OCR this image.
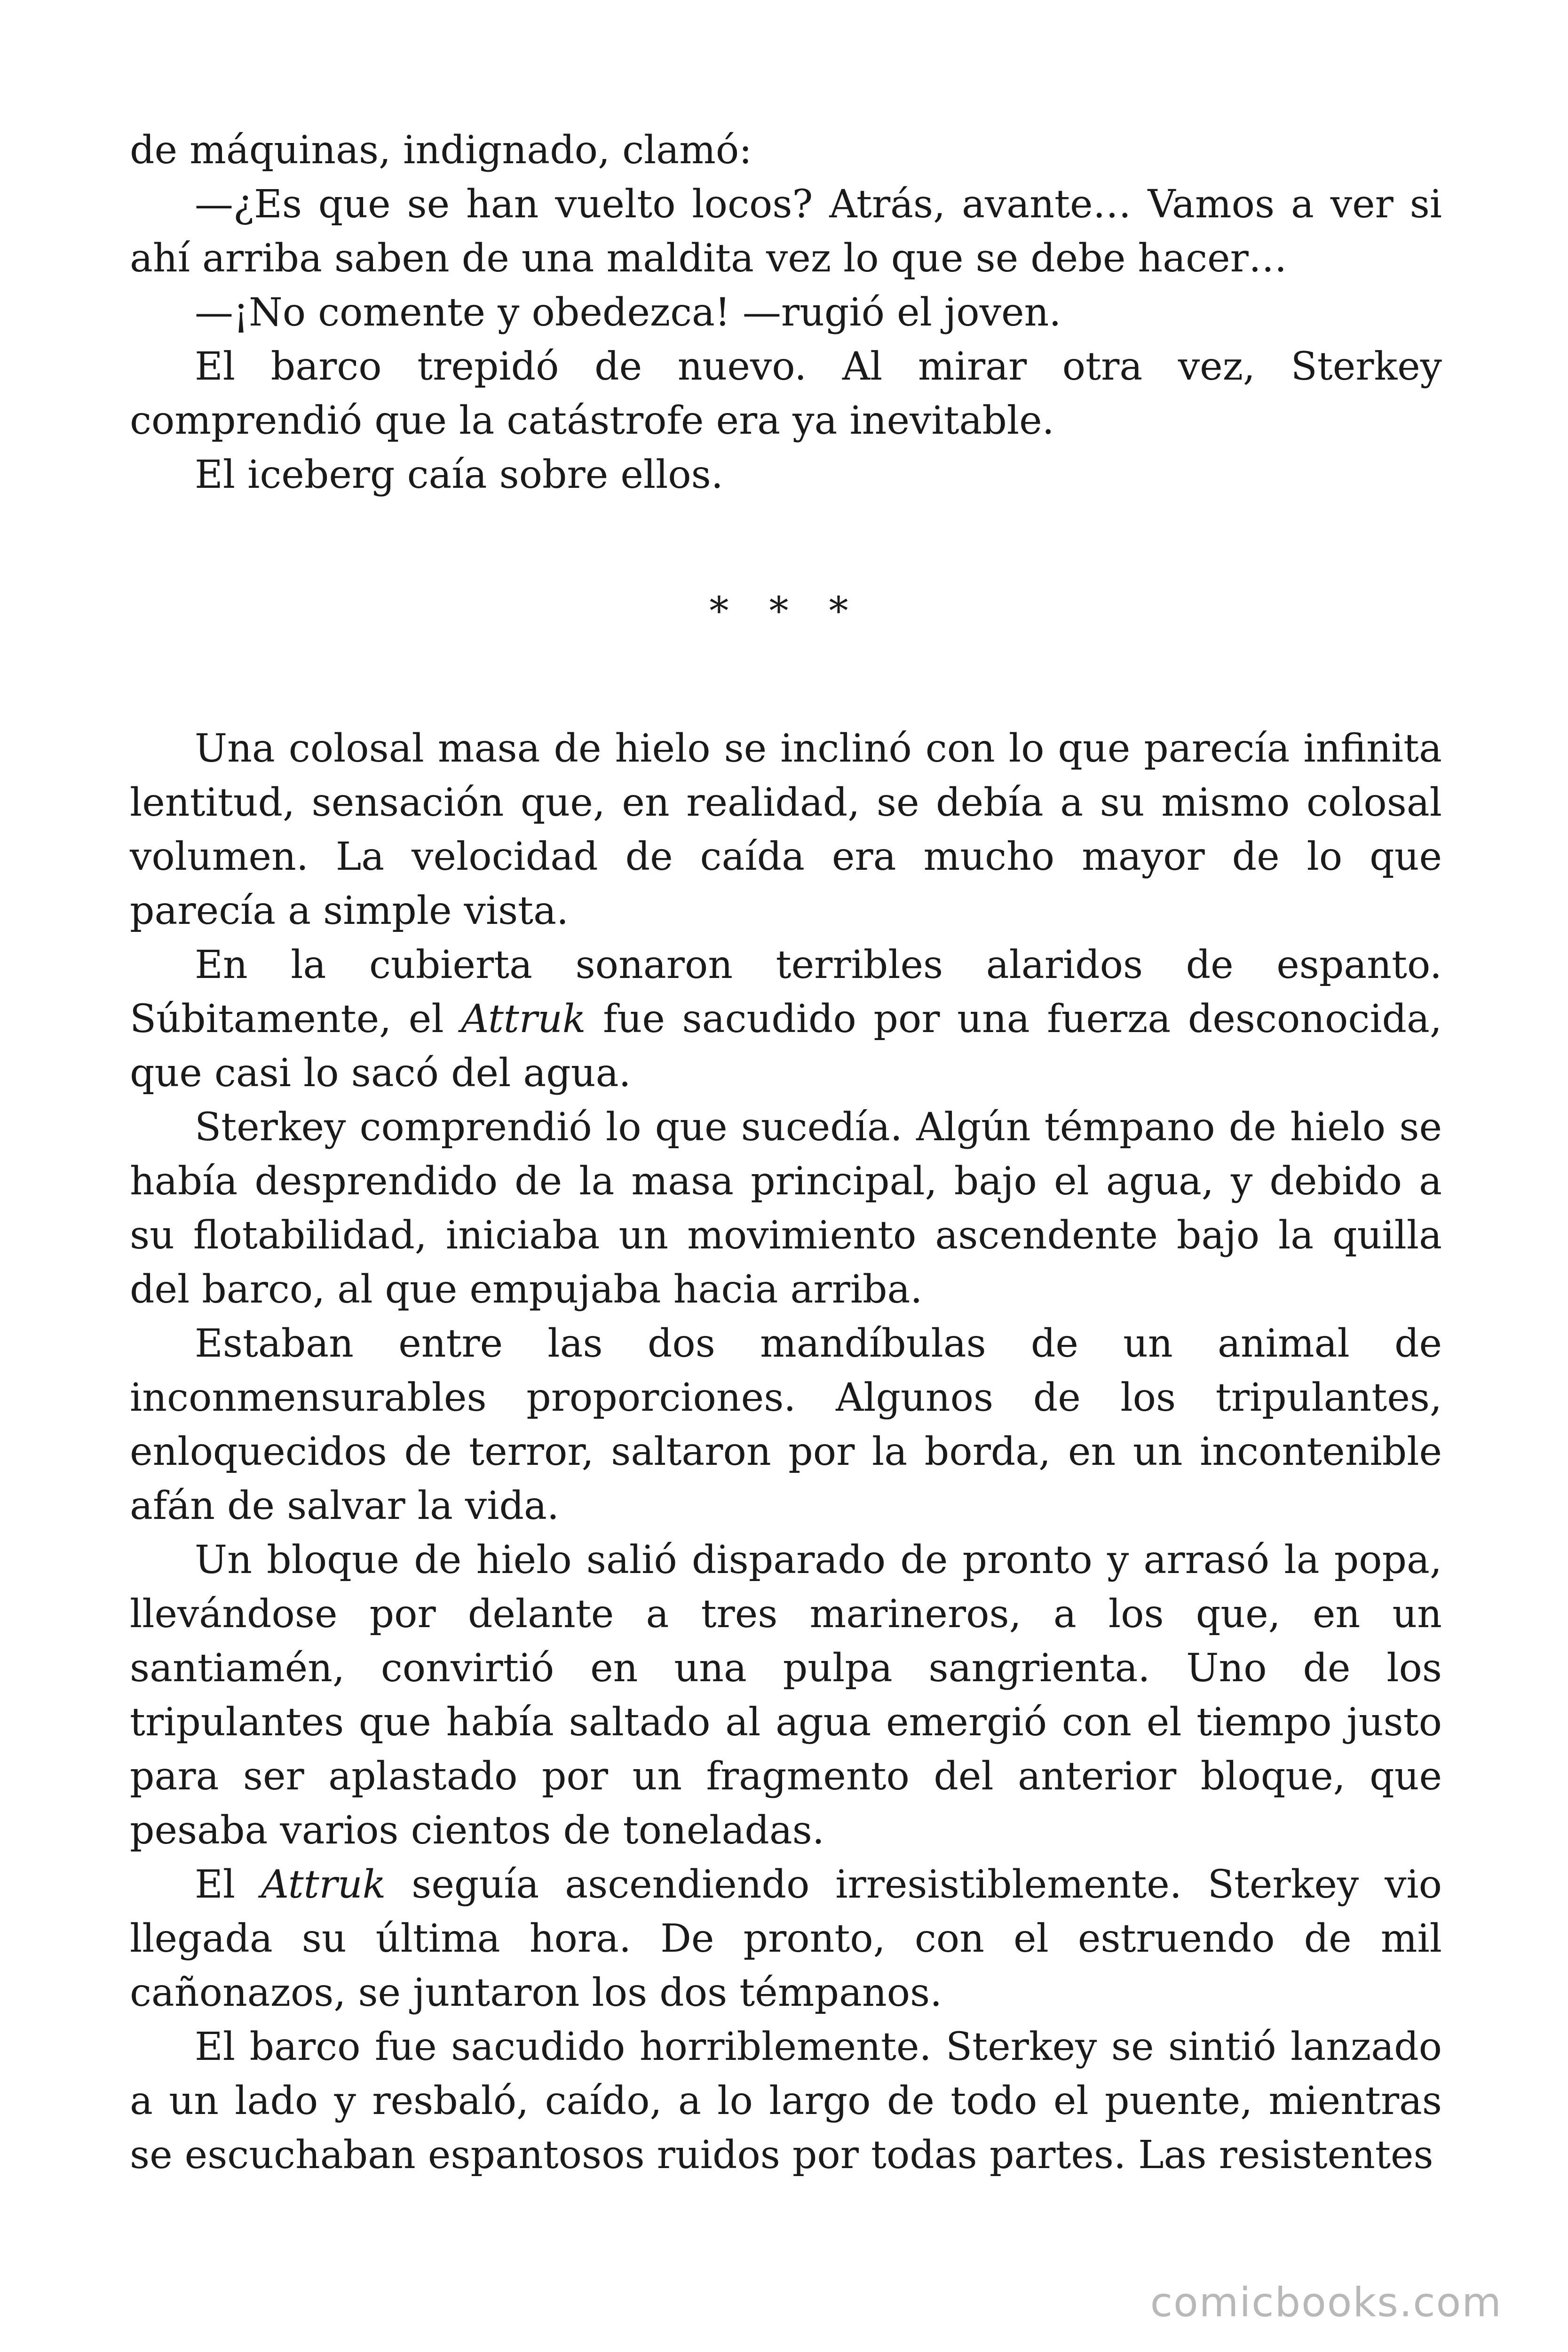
de máquinas, indignado, clamó:

—¿Es que se han vuelto locos? Atrás, avante… Vamos a ver si ahí arriba saben de una maldita vez lo que se debe hacer…

—¡No comente y obedezca! —rugió el joven.

El barco trepidó de nuevo. Al mirar otra vez, Sterkey comprendió que la catástrofe era ya inevitable.

El iceberg caía sobre ellos.

* * *

Una colosal masa de hielo se inclinó con lo que parecía infinita lentitud, sensación que, en realidad, se debía a su mismo colosal volumen. La velocidad de caída era mucho mayor de lo que parecía a simple vista.

En la cubierta sonaron terribles alaridos de espanto. Súbitamente, el Attruk fue sacudido por una fuerza desconocida, que casi lo sacó del agua.

Sterkey comprendió lo que sucedía. Algún témpano de hielo se había desprendido de la masa principal, bajo el agua, y debido a su flotabilidad, iniciaba un movimiento ascendente bajo la quilla del barco, al que empujaba hacia arriba.

Estaban entre las dos mandíbulas de un animal de inconmensurables proporciones. Algunos de los tripulantes, enloquecidos de terror, saltaron por la borda, en un incontenible afán de salvar la vida.

Un bloque de hielo salió disparado de pronto y arrasó la popa, llevándose por delante a tres marineros, a los que, en un santiamén, convirtió en una pulpa sangrienta. Uno de los tripulantes que había saltado al agua emergió con el tiempo justo para ser aplastado por un fragmento del anterior bloque, que pesaba varios cientos de toneladas.

El Attruk seguía ascendiendo irresistiblemente. Sterkey vio llegada su última hora. De pronto, con el estruendo de mil cañonazos, se juntaron los dos témpanos.

El barco fue sacudido horriblemente. Sterkey se sintió lanzado a un lado y resbaló, caído, a lo largo de todo el puente, mientras se escuchaban espantosos ruidos por todas partes. Las resistentes

comicbooks.com
